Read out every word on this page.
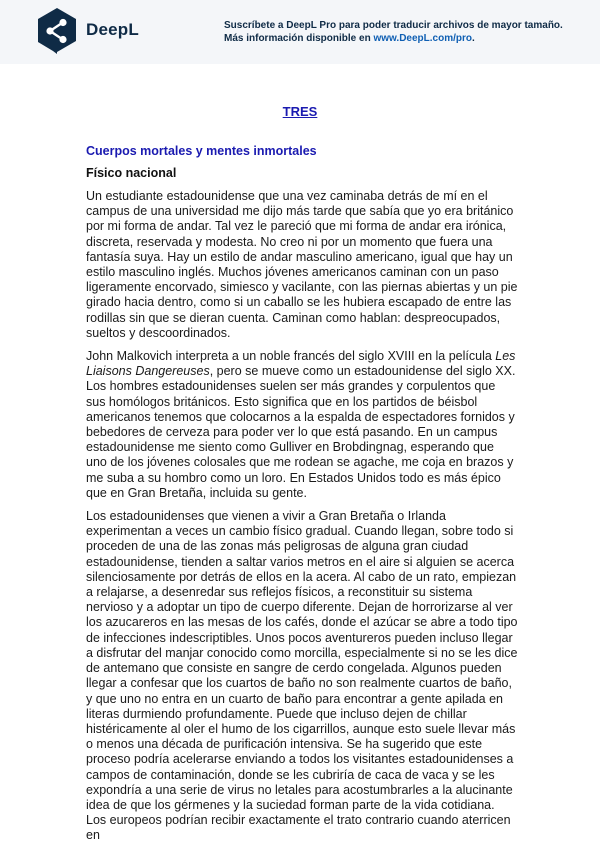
DeepL	Suscríbete a DeepL Pro para poder traducir archivos de mayor tamaño.
Más información disponible en www.DeepL.com/pro.
TRES
Cuerpos mortales y mentes inmortales
Físico nacional

Un estudiante estadounidense que una vez caminaba detrás de mí en el campus de una universidad me dijo más tarde que sabía que yo era británico por mi forma de andar. Tal vez le pareció que mi forma de andar era irónica, discreta, reservada y modesta. No creo ni por un momento que fuera una fantasía suya. Hay un estilo de andar masculino americano, igual que hay un estilo masculino inglés. Muchos jóvenes americanos caminan con un paso ligeramente encorvado, simiesco y vacilante, con las piernas abiertas y un pie girado hacia dentro, como si un caballo se les hubiera escapado de entre las rodillas sin que se dieran cuenta. Caminan como hablan: despreocupados, sueltos y descoordinados.

John Malkovich interpreta a un noble francés del siglo XVIII en la película Les Liaisons Dangereuses, pero se mueve como un estadounidense del siglo XX. Los hombres estadounidenses suelen ser más grandes y corpulentos que sus homólogos británicos. Esto significa que en los partidos de béisbol americanos tenemos que colocarnos a la espalda de espectadores fornidos y bebedores de cerveza para poder ver lo que está pasando. En un campus estadounidense me siento como Gulliver en Brobdingnag, esperando que uno de los jóvenes colosales que me rodean se agache, me coja en brazos y me suba a su hombro como un loro. En Estados Unidos todo es más épico que en Gran Bretaña, incluida su gente.

Los estadounidenses que vienen a vivir a Gran Bretaña o Irlanda experimentan a veces un cambio físico gradual. Cuando llegan, sobre todo si proceden de una de las zonas más peligrosas de alguna gran ciudad estadounidense, tienden a saltar varios metros en el aire si alguien se acerca silenciosamente por detrás de ellos en la acera. Al cabo de un rato, empiezan a relajarse, a desenredar sus reflejos físicos, a reconstituir su sistema nervioso y a adoptar un tipo de cuerpo diferente. Dejan de horrorizarse al ver los azucareros en las mesas de los cafés, donde el azúcar se abre a todo tipo de infecciones indescriptibles. Unos pocos aventureros pueden incluso llegar a disfrutar del manjar conocido como morcilla, especialmente si no se les dice de antemano que consiste en sangre de cerdo congelada. Algunos pueden llegar a confesar que los cuartos de baño no son realmente cuartos de baño, y que uno no entra en un cuarto de baño para encontrar a gente apilada en literas durmiendo profundamente. Puede que incluso dejen de chillar histéricamente al oler el humo de los cigarrillos, aunque esto suele llevar más o menos una década de purificación intensiva. Se ha sugerido que este proceso podría acelerarse enviando a todos los visitantes estadounidenses a campos de contaminación, donde se les cubriría de caca de vaca y se les expondría a una serie de virus no letales para acostumbrarles a la alucinante idea de que los gérmenes y la suciedad forman parte de la vida cotidiana. Los europeos podrían recibir exactamente el trato contrario cuando aterricen en
